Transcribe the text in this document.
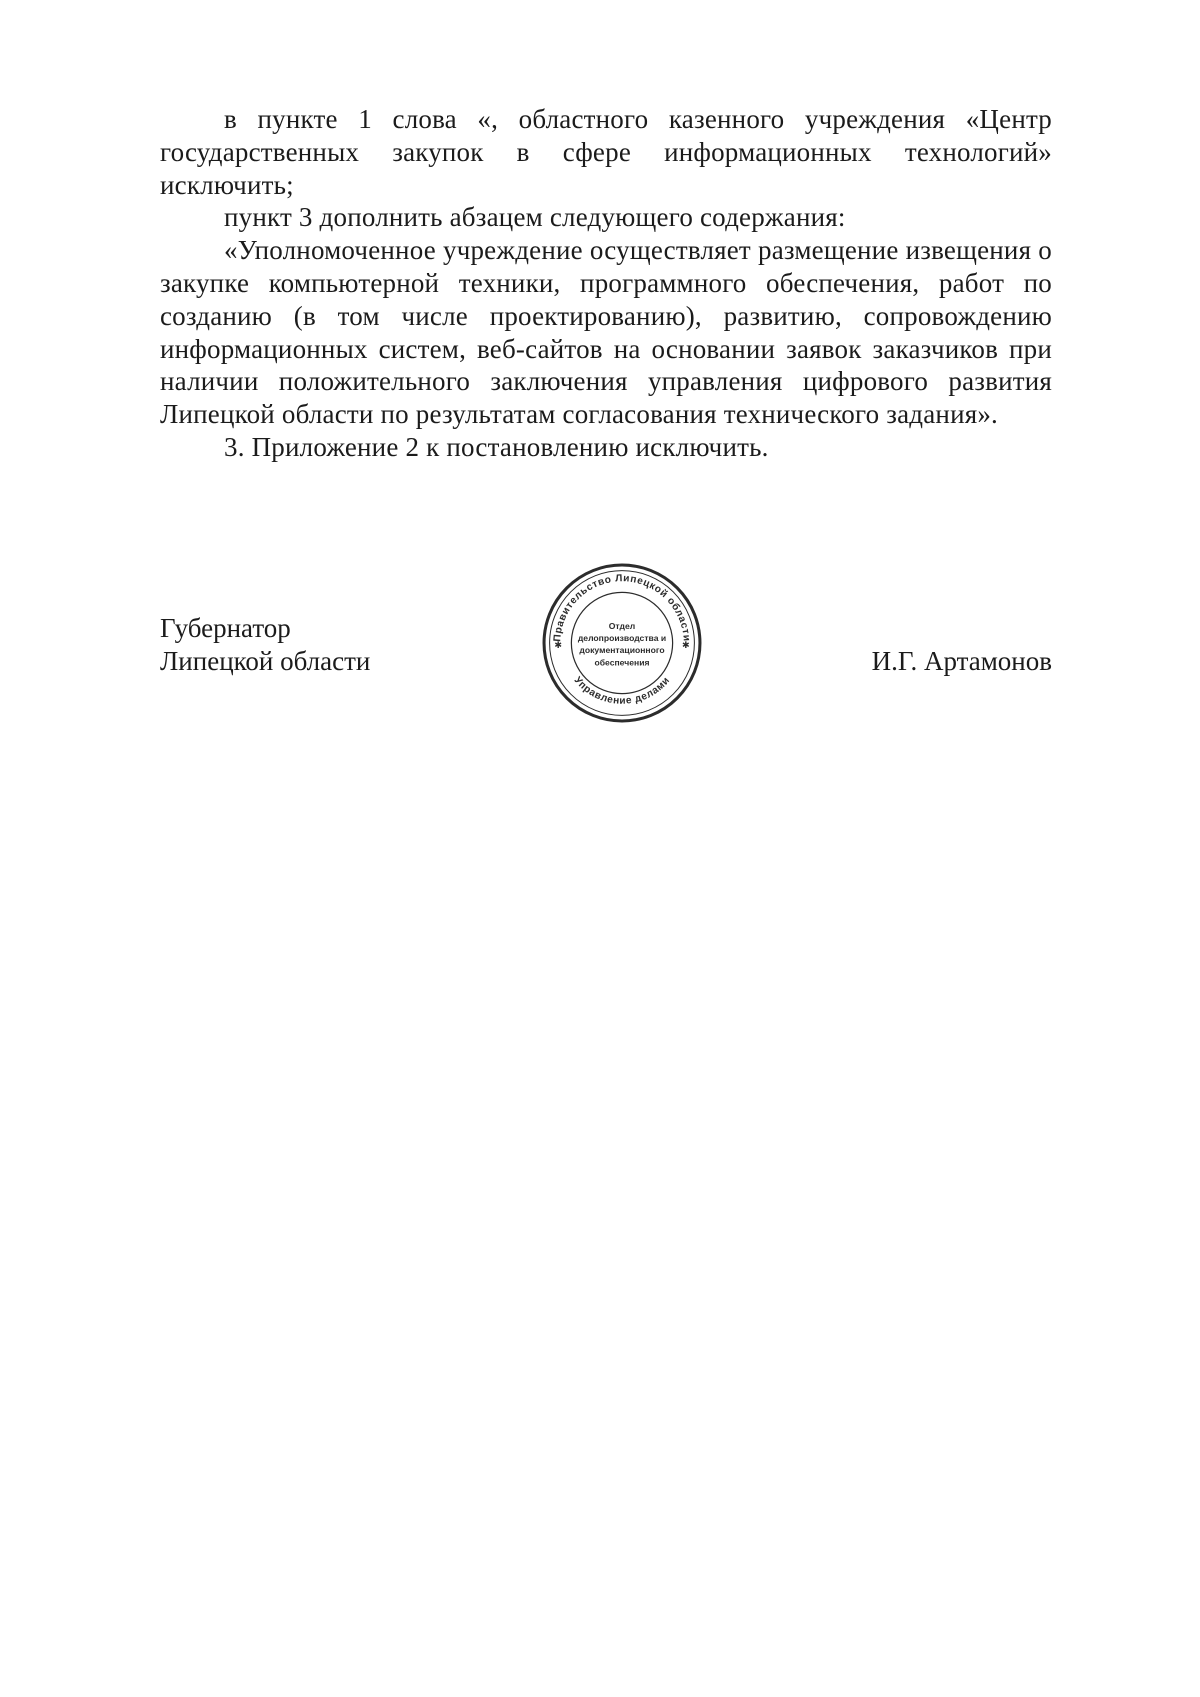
в пункте 1 слова «, областного казенного учреждения «Центр государственных закупок в сфере информационных технологий» исключить;

пункт 3 дополнить абзацем следующего содержания:

«Уполномоченное учреждение осуществляет размещение извещения о закупке компьютерной техники, программного обеспечения, работ по созданию (в том числе проектированию), развитию, сопровождению информационных систем, веб-сайтов на основании заявок заказчиков при наличии положительного заключения управления цифрового развития Липецкой области по результатам согласования технического задания».

3. Приложение 2 к постановлению исключить.

Губернатор
Липецкой области
Правительство Липецкой области
Управление делами
✱	✱
Отдел
делопроизводства и
документационного
обеспечения	И.Г. Артамонов
